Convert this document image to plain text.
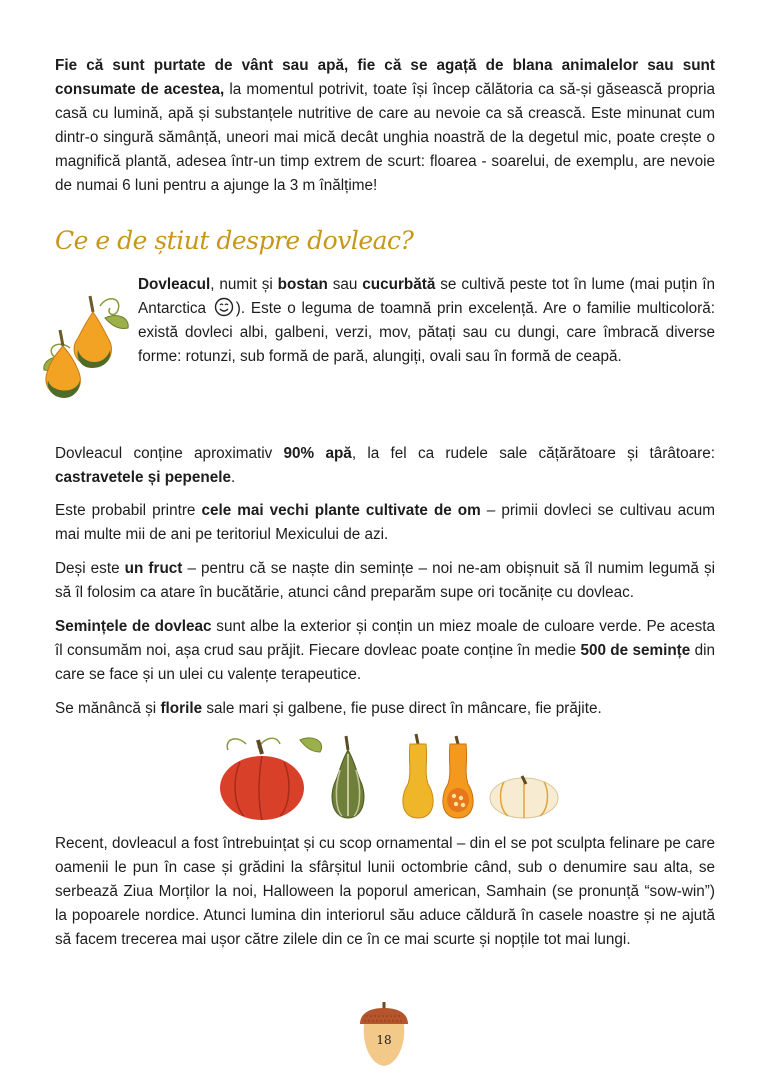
Fie că sunt purtate de vânt sau apă, fie că se agață de blana animalelor sau sunt consumate de acestea, la momentul potrivit, toate își încep călătoria ca să-și găsească propria casă cu lumină, apă și substanțele nutritive de care au nevoie ca să crească. Este minunat cum dintr-o singură sămânță, uneori mai mică decât unghia noastră de la degetul mic, poate crește o magnifică plantă, adesea într-un timp extrem de scurt: floarea - soarelui, de exemplu, are nevoie de numai 6 luni pentru a ajunge la 3 m înălțime!

Ce e de știut despre dovleac?

Dovleacul, numit și bostan sau cucurbătă se cultivă peste tot în lume (mai puțin în Antarctica ). Este o leguma de toamnă prin excelență. Are o familie multicoloră: există dovleci albi, galbeni, verzi, mov, pătați sau cu dungi, care îmbracă diverse forme: rotunzi, sub formă de pară, alungiți, ovali sau în formă de ceapă.

Dovleacul conține aproximativ 90% apă, la fel ca rudele sale cățărătoare și târâtoare: castravetele și pepenele.

Este probabil printre cele mai vechi plante cultivate de om – primii dovleci se cultivau acum mai multe mii de ani pe teritoriul Mexicului de azi.

Deși este un fruct – pentru că se naște din semințe – noi ne-am obișnuit să îl numim legumă și să îl folosim ca atare în bucătărie, atunci când preparăm supe ori tocănițe cu dovleac.

Semințele de dovleac sunt albe la exterior și conțin un miez moale de culoare verde. Pe acesta îl consumăm noi, așa crud sau prăjit. Fiecare dovleac poate conține în medie 500 de semințe din care se face și un ulei cu valențe terapeutice.

Se mănâncă și florile sale mari și galbene, fie puse direct în mâncare, fie prăjite.

Recent, dovleacul a fost întrebuințat și cu scop ornamental – din el se pot sculpta felinare pe care oamenii le pun în case și grădini la sfârșitul lunii octombrie când, sub o denumire sau alta, se serbează Ziua Morților la noi, Halloween la poporul american, Samhain (se pronunță “sow-win”) la popoarele nordice. Atunci lumina din interiorul său aduce căldură în casele noastre și ne ajută să facem trecerea mai ușor către zilele din ce în ce mai scurte și nopțile tot mai lungi.

18
